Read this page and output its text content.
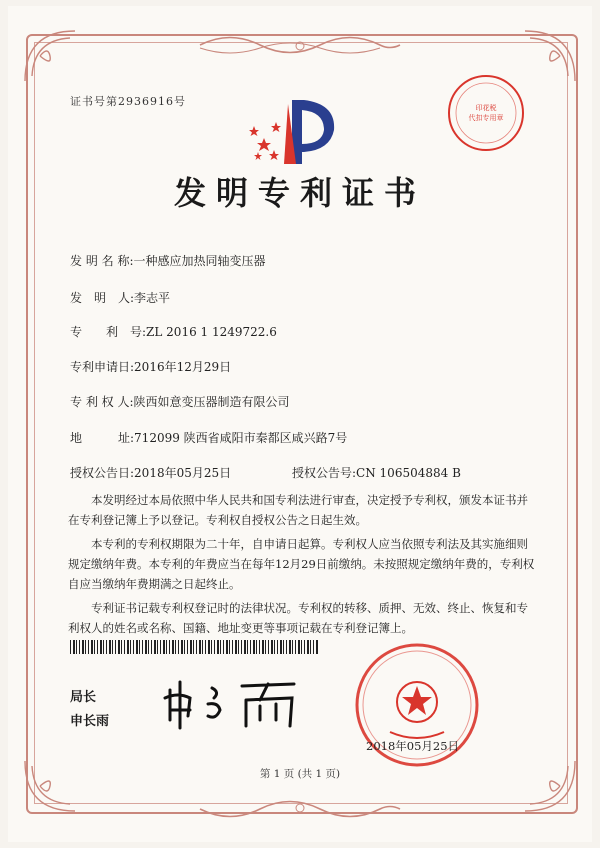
证书号第2936916号	印花税
代扣专用章
发明专利证书
发 明 名 称:一种感应加热同轴变压器
发　明　人:李志平
专　　利　号:ZL 2016 1 1249722.6
专利申请日:2016年12月29日
专 利 权 人:陕西如意变压器制造有限公司
地　　　址:712099 陕西省咸阳市秦都区咸兴路7号
授权公告日:2018年05月25日	授权公告号:CN 106504884 B

本发明经过本局依照中华人民共和国专利法进行审查，决定授予专利权，颁发本证书并在专利登记簿上予以登记。专利权自授权公告之日起生效。

本专利的专利权期限为二十年，自申请日起算。专利权人应当依照专利法及其实施细则规定缴纳年费。本专利的年费应当在每年12月29日前缴纳。未按照规定缴纳年费的，专利权自应当缴纳年费期满之日起终止。

专利证书记载专利权登记时的法律状况。专利权的转移、质押、无效、终止、恢复和专利权人的姓名或名称、国籍、地址变更等事项记载在专利登记簿上。

局长
申长雨
2018年05月25日
第 1 页 (共 1 页)
